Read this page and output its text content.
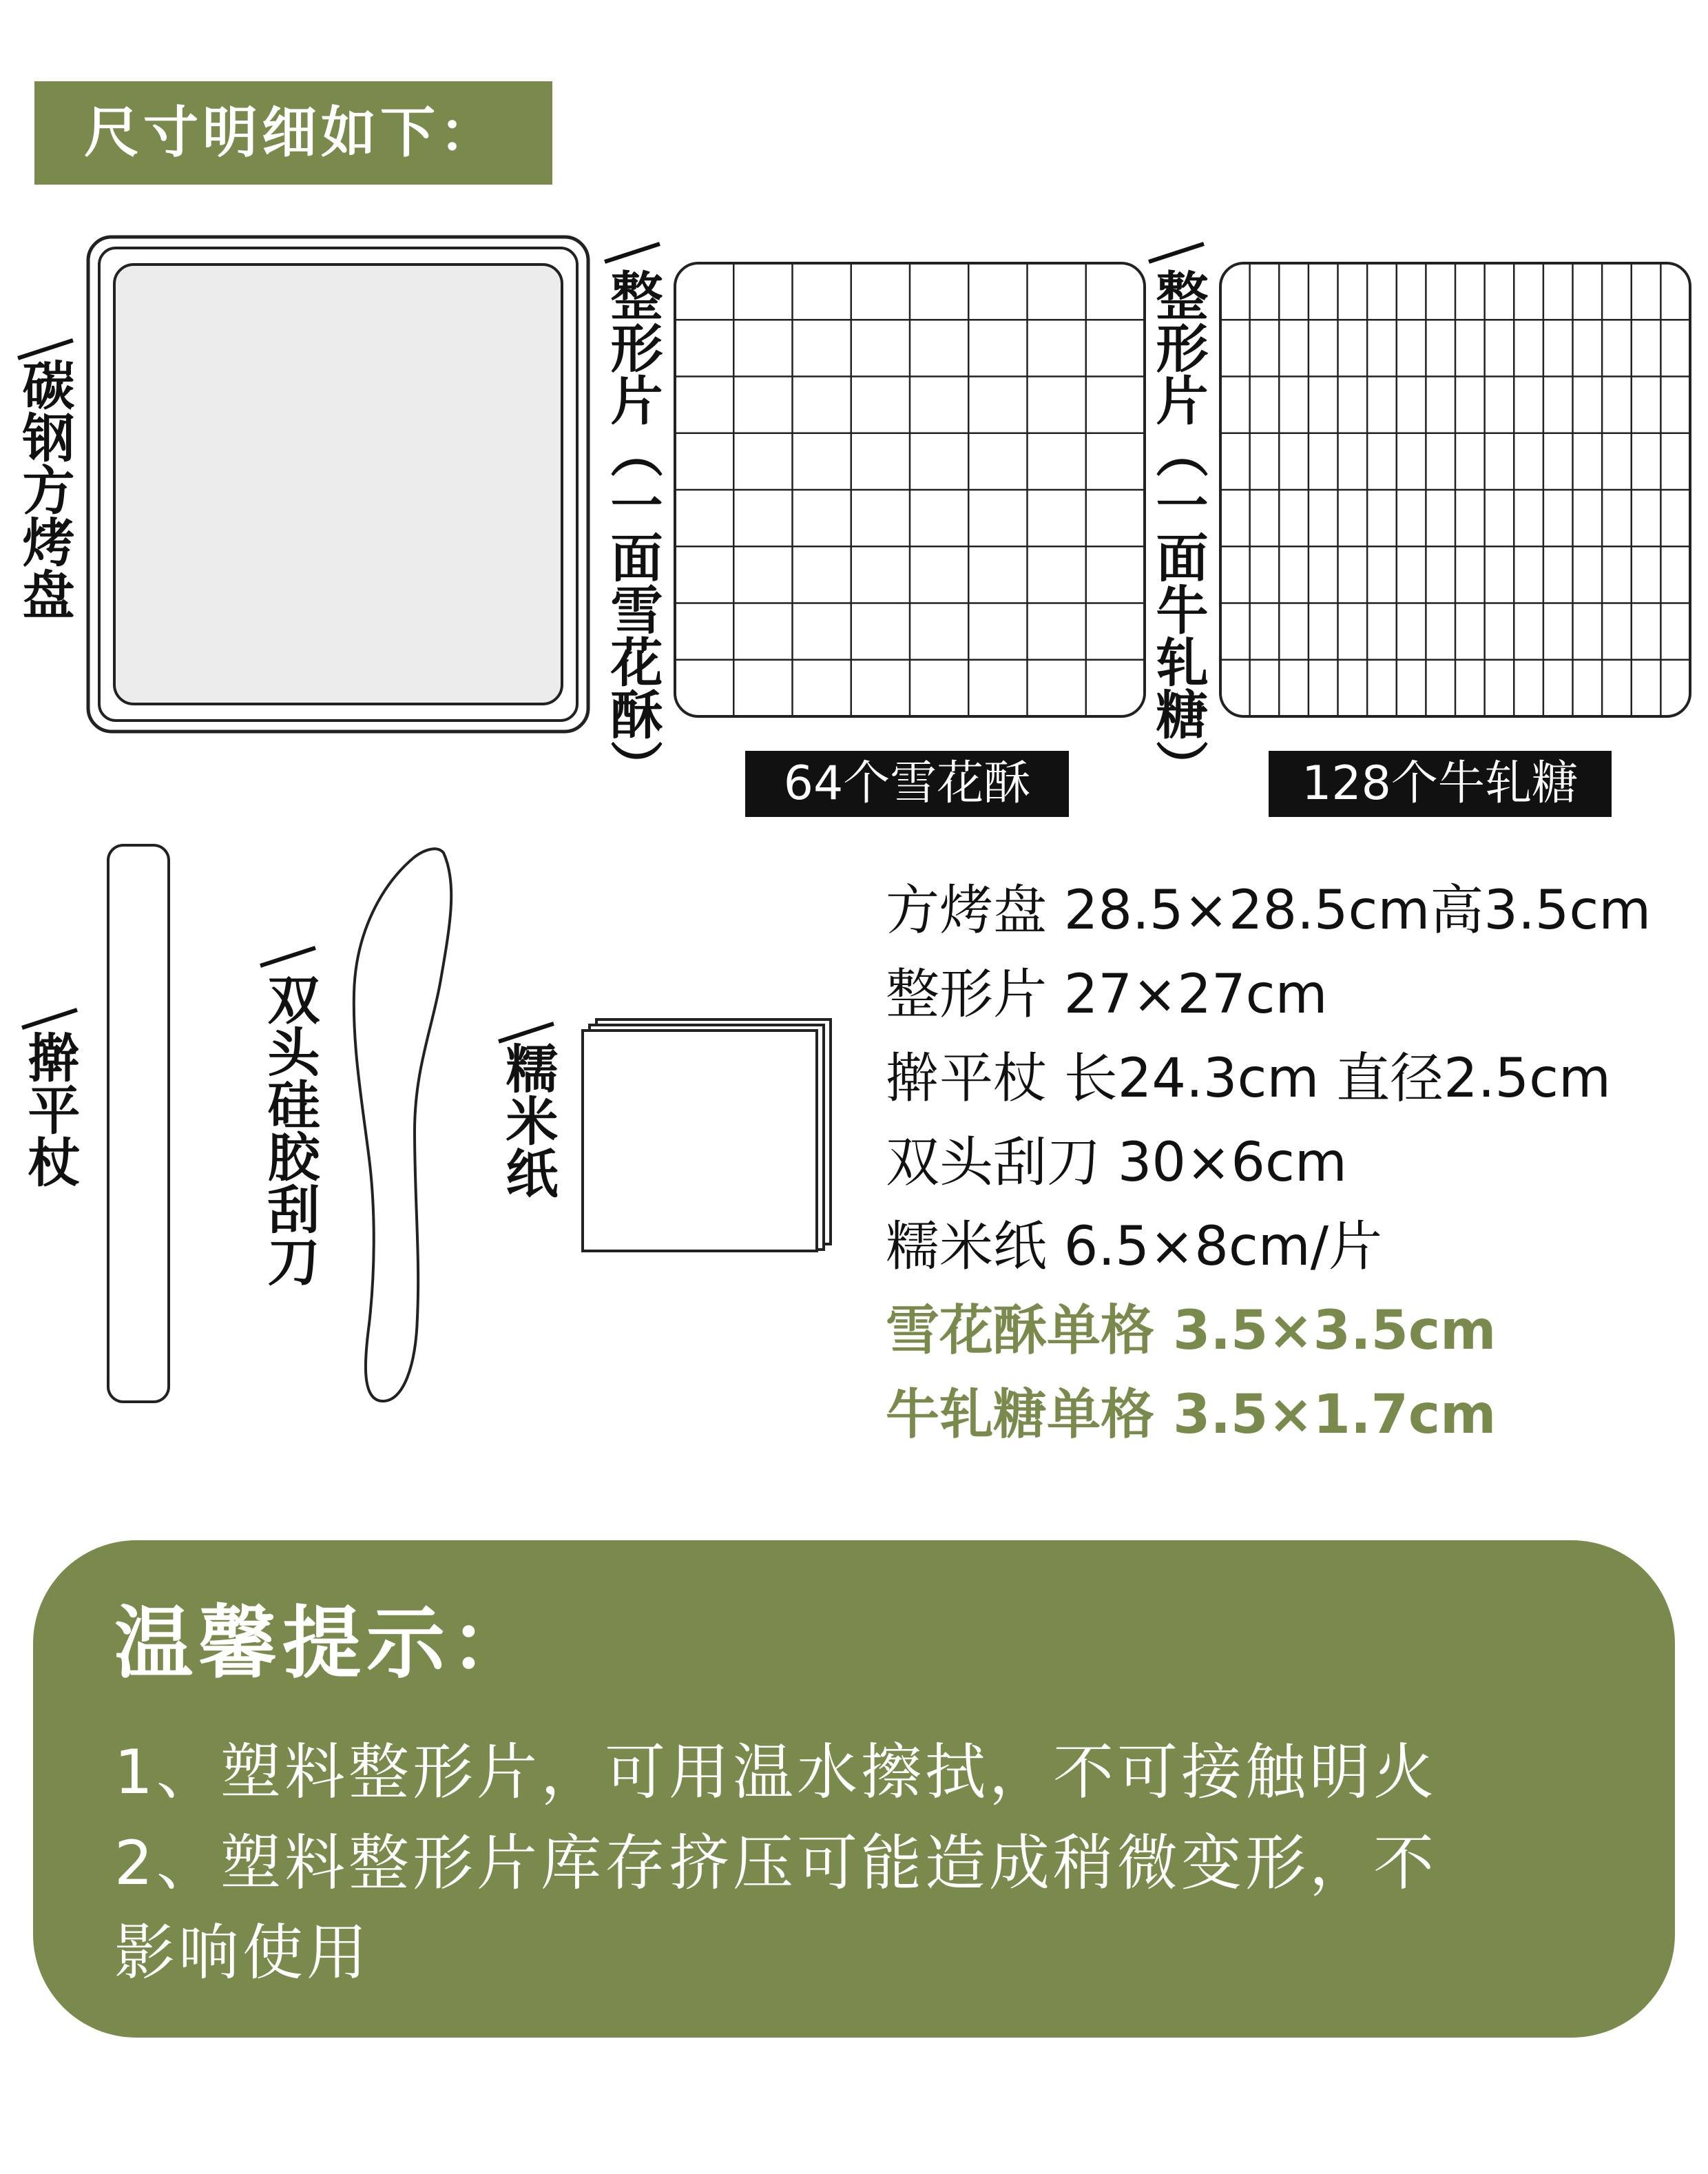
尺寸明细如下：
碳钢方烤盘	整形片（一面雪花酥）	64个雪花酥	整形片（一面牛轧糖）	128个牛轧糖
擀平杖	双头硅胶刮刀	糯米纸
方烤盘 28.5×28.5cm高3.5cm
整形片 27×27cm
擀平杖 长24.3cm 直径2.5cm
双头刮刀 30×6cm
糯米纸 6.5×8cm/片
雪花酥单格 3.5×3.5cm
牛轧糖单格 3.5×1.7cm
温馨提示：
1、塑料整形片，可用温水擦拭，不可接触明火
2、塑料整形片库存挤压可能造成稍微变形，不
影响使用
